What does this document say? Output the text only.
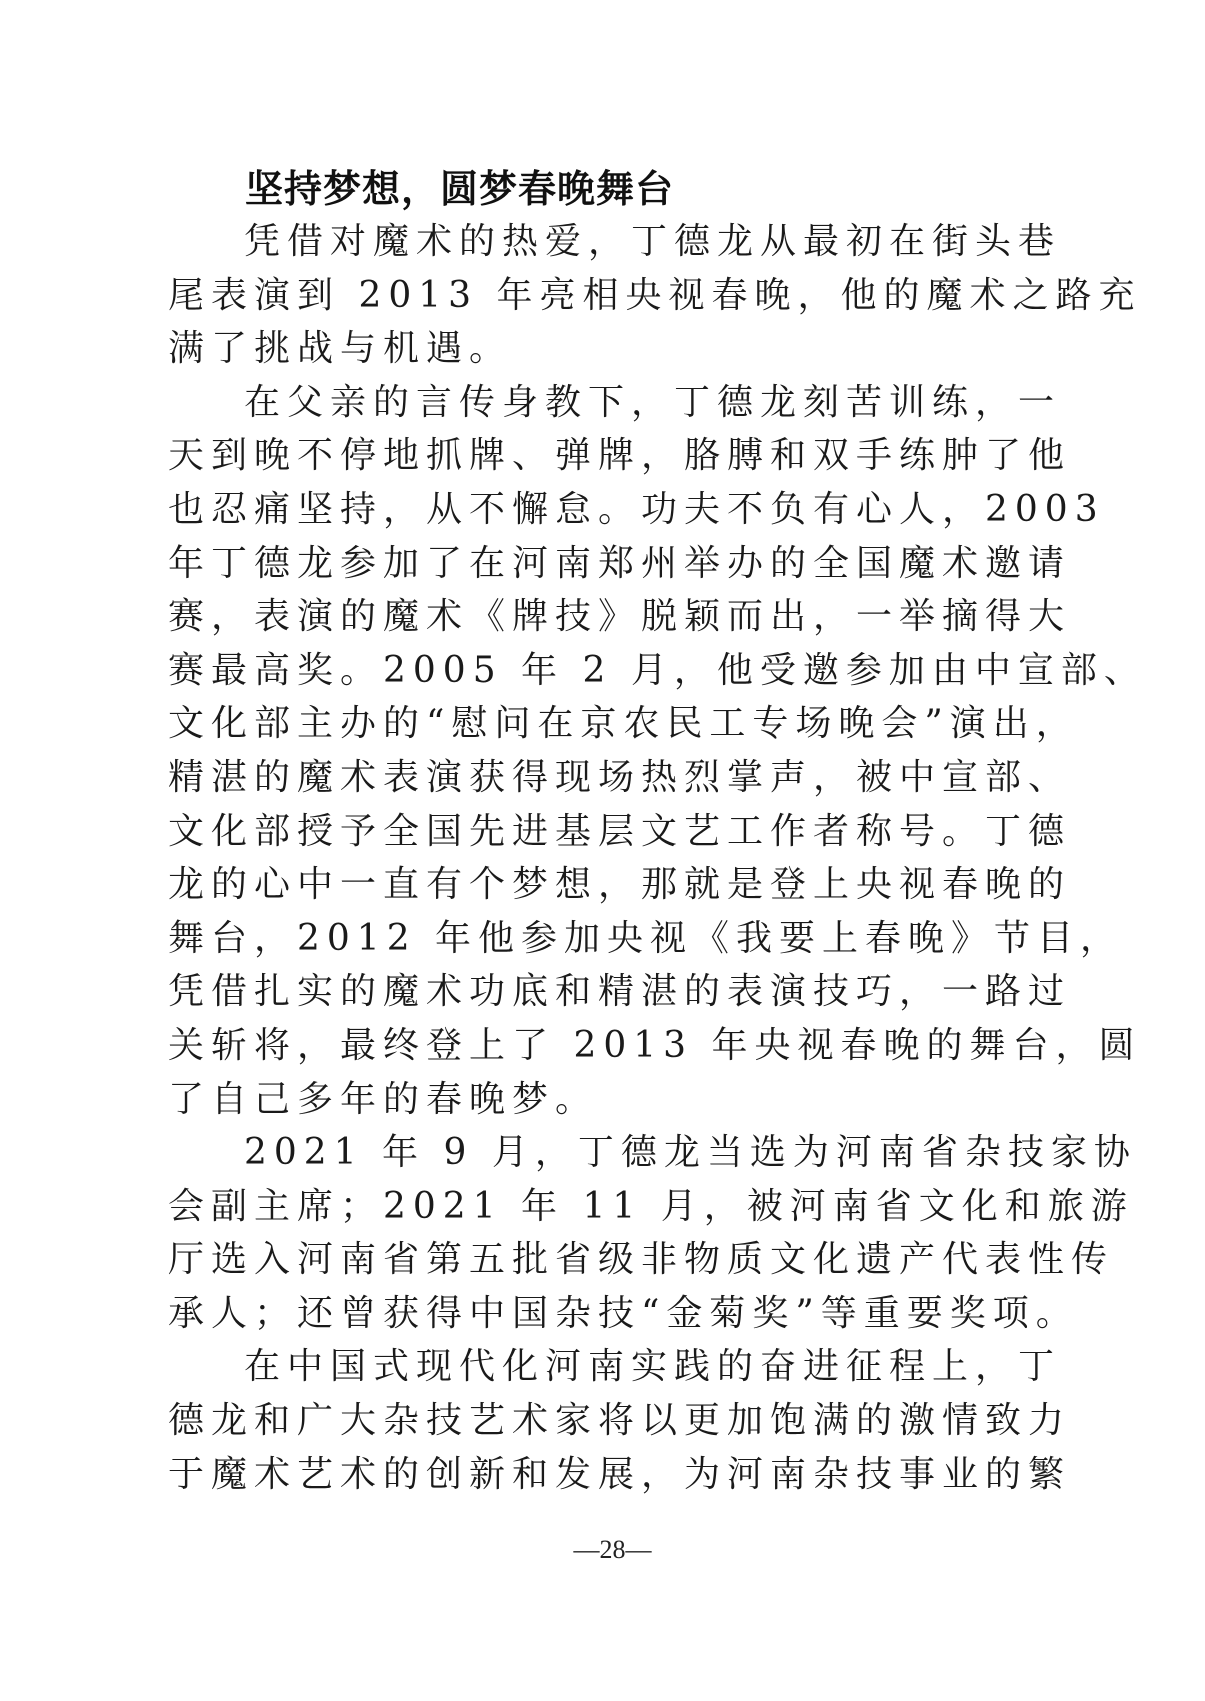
坚持梦想，圆梦春晚舞台
凭借对魔术的热爱，丁德龙从最初在街头巷
尾表演到 2013 年亮相央视春晚，他的魔术之路充
满了挑战与机遇。
在父亲的言传身教下，丁德龙刻苦训练，一
天到晚不停地抓牌、弹牌，胳膊和双手练肿了他
也忍痛坚持，从不懈怠。功夫不负有心人，2003
年丁德龙参加了在河南郑州举办的全国魔术邀请
赛，表演的魔术《牌技》脱颖而出，一举摘得大
赛最高奖。2005 年 2 月，他受邀参加由中宣部、
文化部主办的“慰问在京农民工专场晚会”演出，
精湛的魔术表演获得现场热烈掌声，被中宣部、
文化部授予全国先进基层文艺工作者称号。丁德
龙的心中一直有个梦想，那就是登上央视春晚的
舞台，2012 年他参加央视《我要上春晚》节目，
凭借扎实的魔术功底和精湛的表演技巧，一路过
关斩将，最终登上了 2013 年央视春晚的舞台，圆
了自己多年的春晚梦。
2021 年 9 月，丁德龙当选为河南省杂技家协
会副主席；2021 年 11 月，被河南省文化和旅游
厅选入河南省第五批省级非物质文化遗产代表性传
承人；还曾获得中国杂技“金菊奖”等重要奖项。
在中国式现代化河南实践的奋进征程上，丁
德龙和广大杂技艺术家将以更加饱满的激情致力
于魔术艺术的创新和发展，为河南杂技事业的繁
—28—
